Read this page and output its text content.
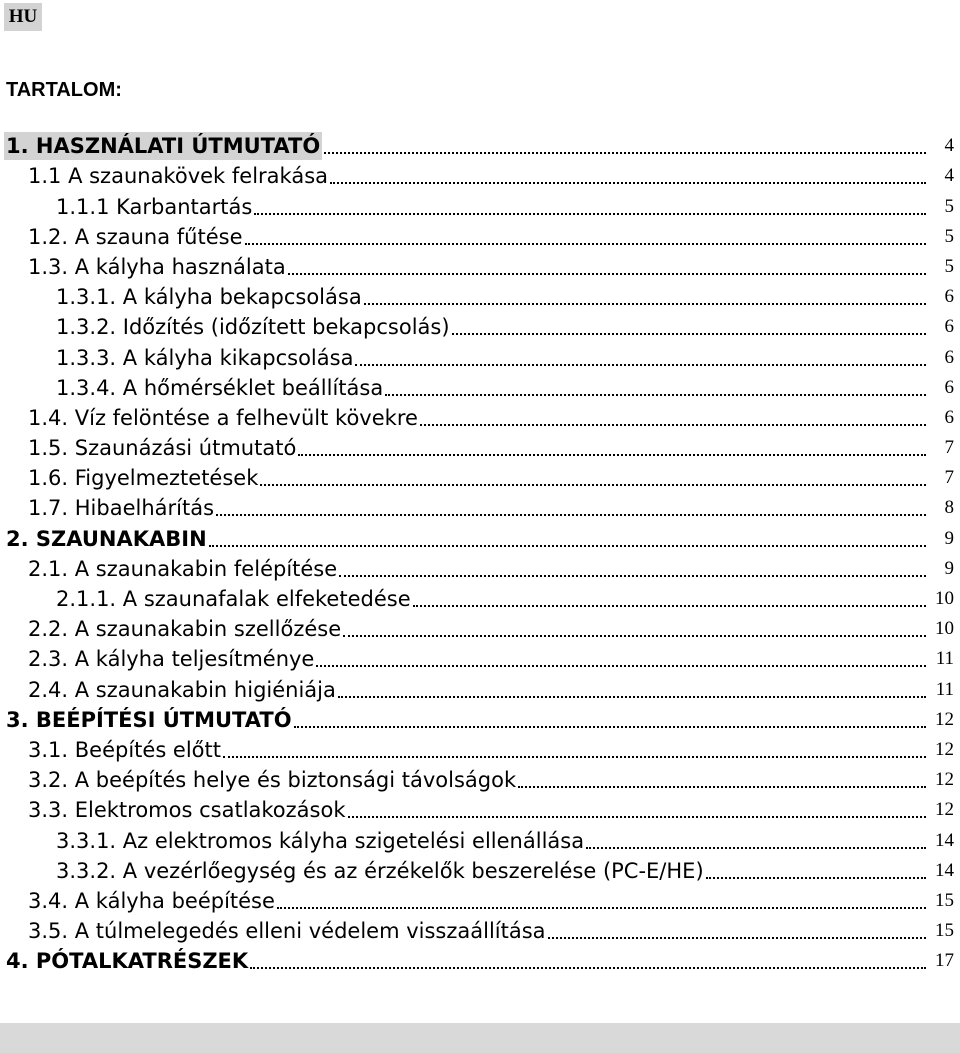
HU
TARTALOM:
1. HASZNÁLATI ÚTMUTATÓ	4
1.1 A szaunakövek felrakása	4
1.1.1 Karbantartás	5
1.2. A szauna fűtése	5
1.3. A kályha használata	5
1.3.1. A kályha bekapcsolása	6
1.3.2. Időzítés (időzített bekapcsolás)	6
1.3.3. A kályha kikapcsolása	6
1.3.4. A hőmérséklet beállítása	6
1.4. Víz felöntése a felhevült kövekre	6
1.5. Szaunázási útmutató	7
1.6. Figyelmeztetések	7
1.7. Hibaelhárítás	8
2. SZAUNAKABIN	9
2.1. A szaunakabin felépítése	9
2.1.1. A szaunafalak elfeketedése	10
2.2. A szaunakabin szellőzése	10
2.3. A kályha teljesítménye	11
2.4. A szaunakabin higiéniája	11
3. BEÉPÍTÉSI ÚTMUTATÓ	12
3.1. Beépítés előtt	12
3.2. A beépítés helye és biztonsági távolságok	12
3.3. Elektromos csatlakozások	12
3.3.1. Az elektromos kályha szigetelési ellenállása	14
3.3.2. A vezérlőegység és az érzékelők beszerelése (PC-E/HE)	14
3.4. A kályha beépítése	15
3.5. A túlmelegedés elleni védelem visszaállítása	15
4. PÓTALKATRÉSZEK	17
